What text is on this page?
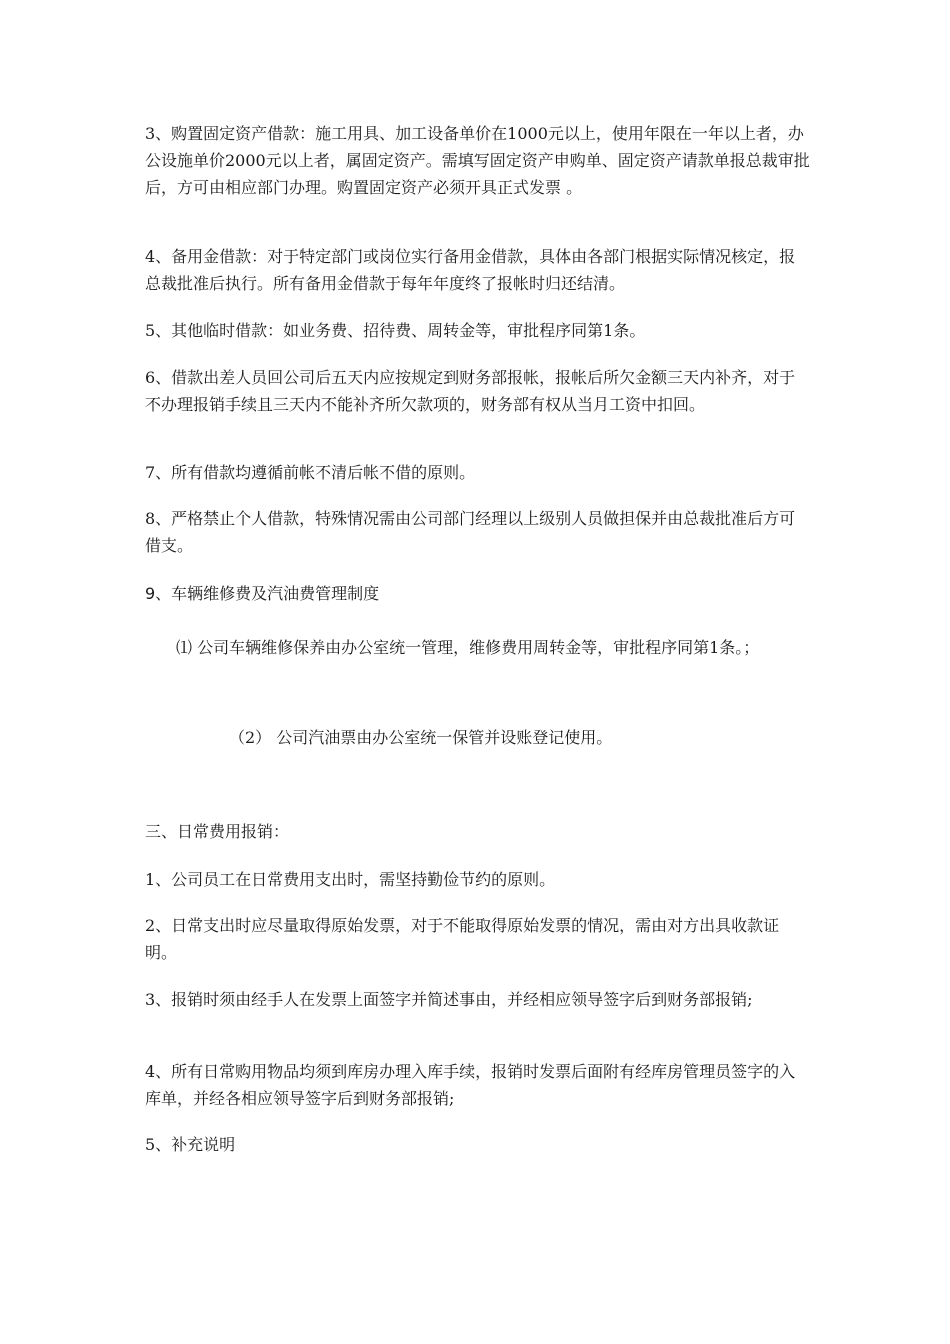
3、购置固定资产借款：施工用具、加工设备单价在1000元以上，使用年限在一年以上者，办公设施单价2000元以上者，属固定资产。需填写固定资产申购单、固定资产请款单报总裁审批后，方可由相应部门办理。购置固定资产必须开具正式发票 。

4、备用金借款：对于特定部门或岗位实行备用金借款，具体由各部门根据实际情况核定，报总裁批准后执行。所有备用金借款于每年年度终了报帐时归还结清。

5、其他临时借款：如业务费、招待费、周转金等，审批程序同第1条。

6、借款出差人员回公司后五天内应按规定到财务部报帐，报帐后所欠金额三天内补齐，对于不办理报销手续且三天内不能补齐所欠款项的，财务部有权从当月工资中扣回。

7、所有借款均遵循前帐不清后帐不借的原则。

8、严格禁止个人借款，特殊情况需由公司部门经理以上级别人员做担保并由总裁批准后方可借支。

9、车辆维修费及汽油费管理制度

⑴ 公司车辆维修保养由办公室统一管理，维修费用周转金等，审批程序同第1条。；

（2） 公司汽油票由办公室统一保管并设账登记使用。

三、日常费用报销：

1、公司员工在日常费用支出时，需坚持勤俭节约的原则。

2、日常支出时应尽量取得原始发票，对于不能取得原始发票的情况，需由对方出具收款证明。

3、报销时须由经手人在发票上面签字并简述事由，并经相应领导签字后到财务部报销;

4、所有日常购用物品均须到库房办理入库手续，报销时发票后面附有经库房管理员签字的入库单，并经各相应领导签字后到财务部报销;

5、补充说明
